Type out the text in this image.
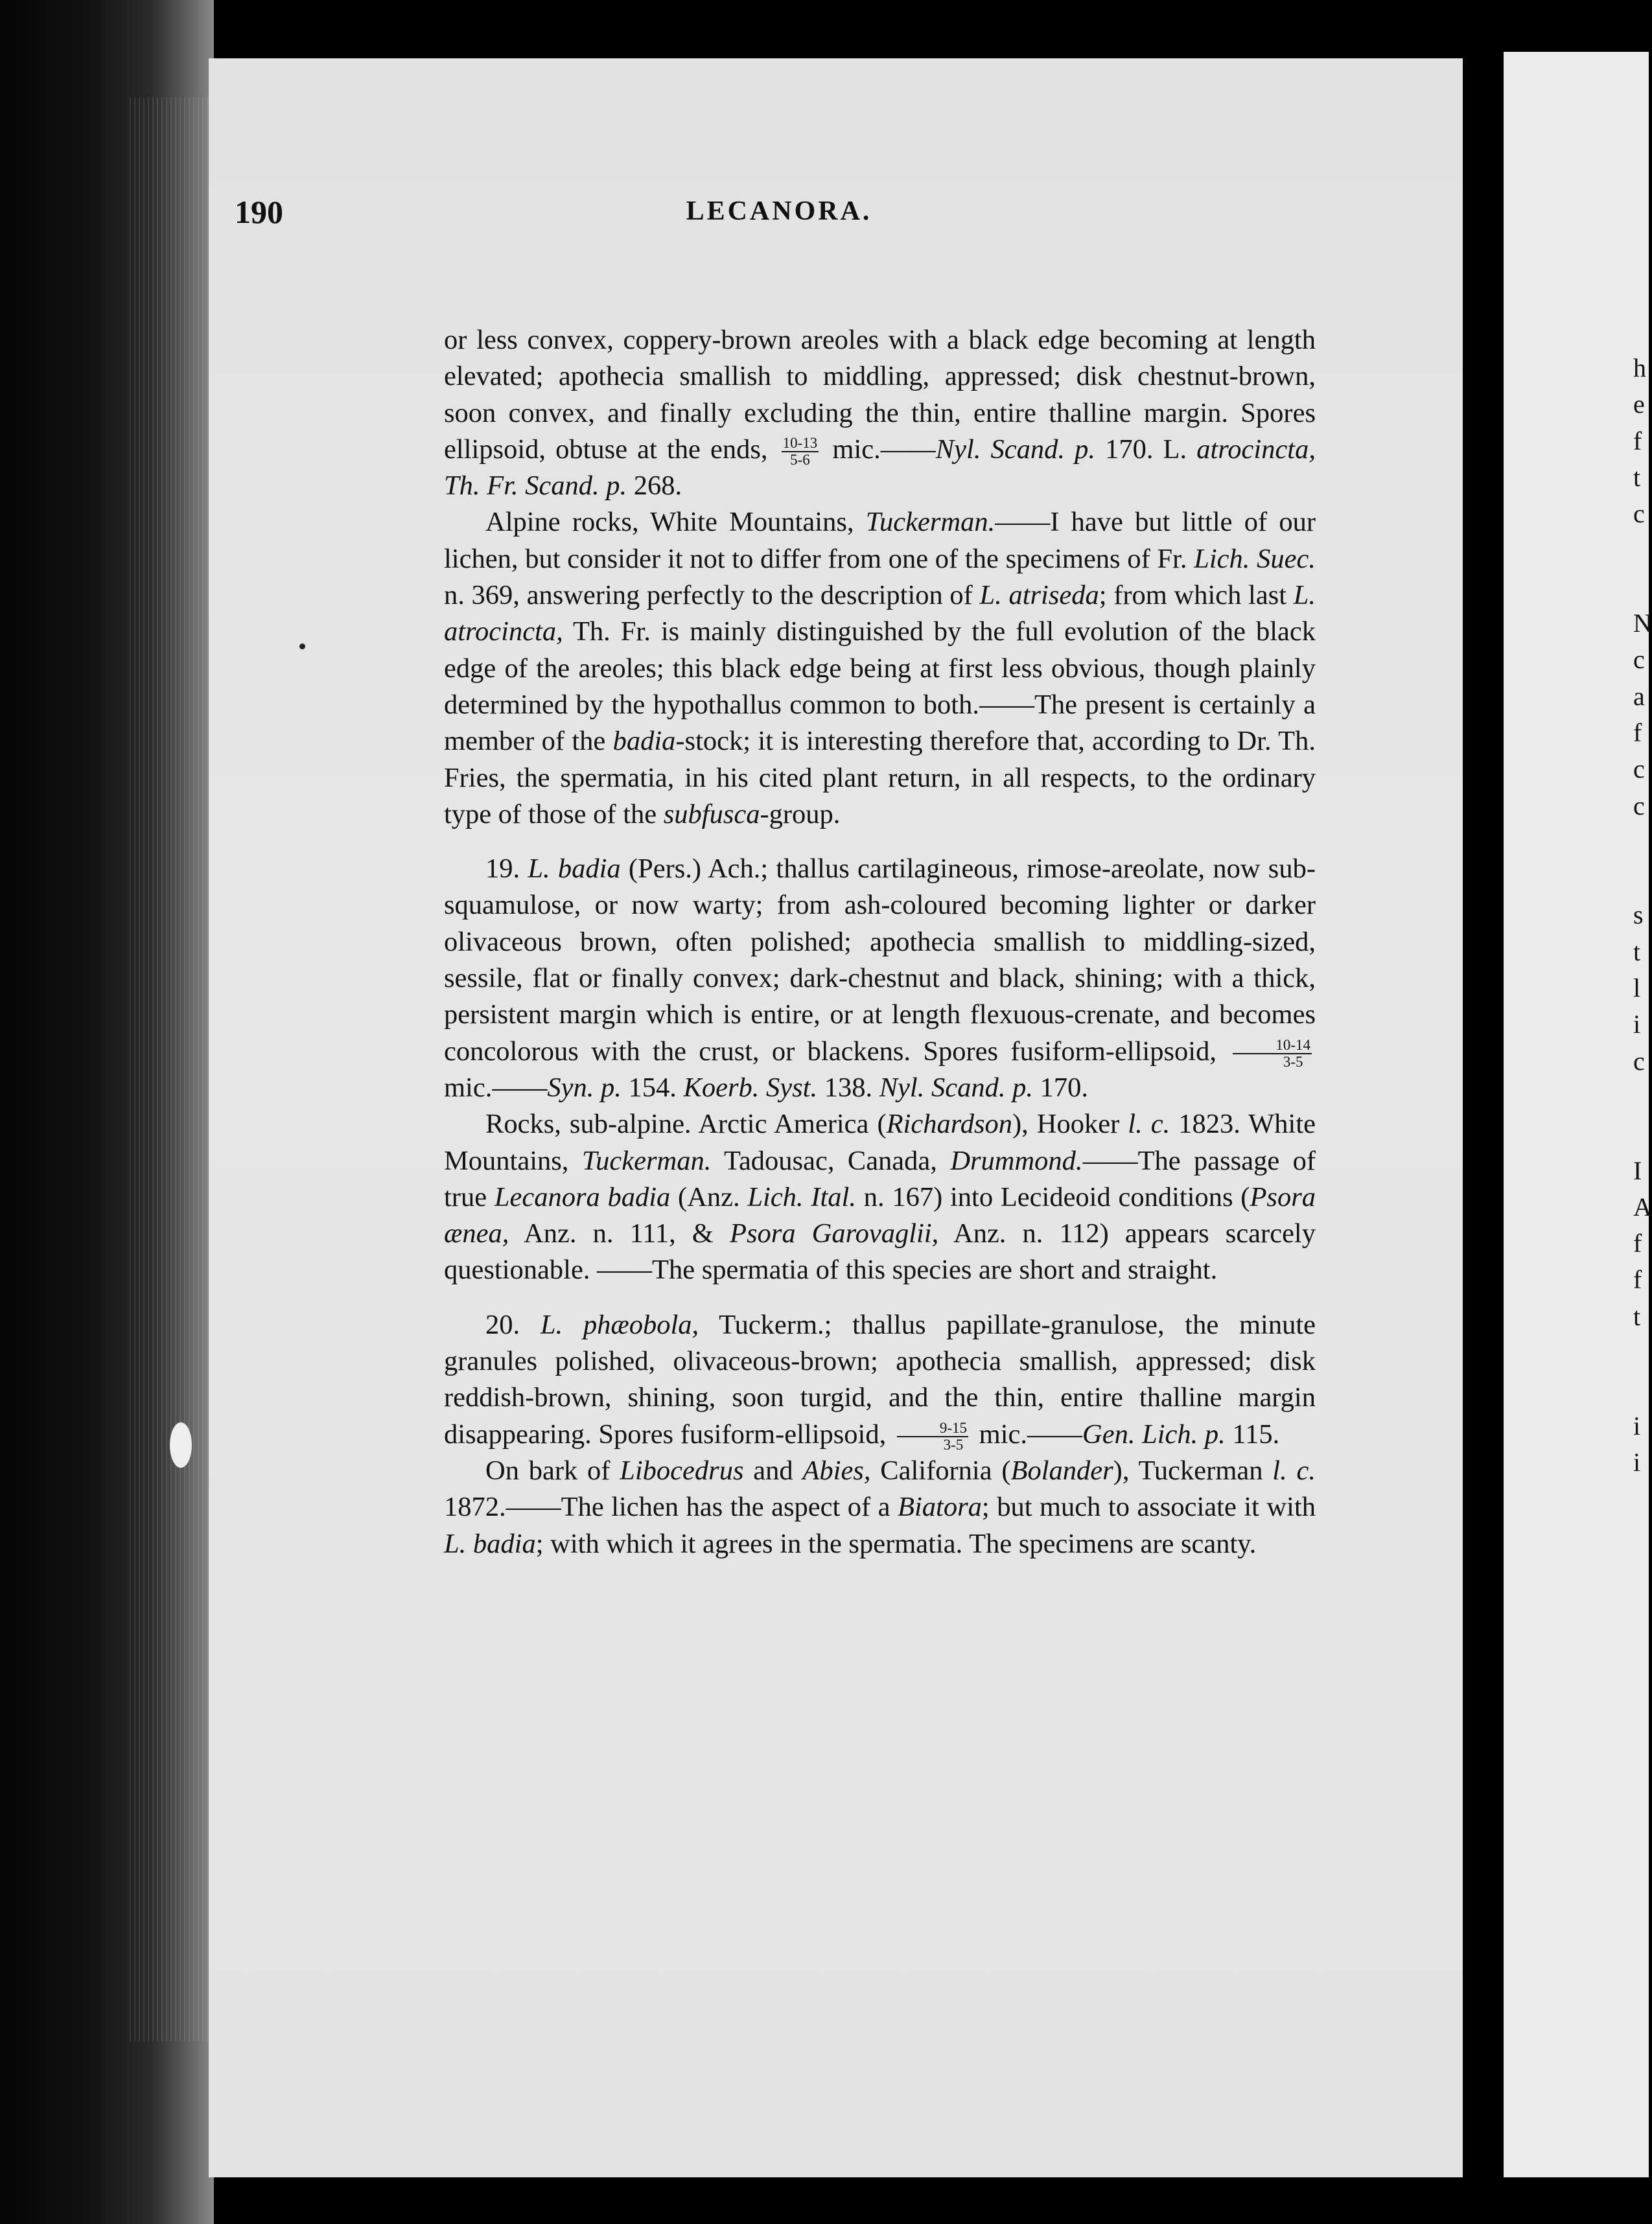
190	LECANORA.

or less convex, coppery-brown areoles with a black edge becoming at length elevated; apothecia smallish to middling, appressed; disk chestnut-brown, soon convex, and finally excluding the thin, entire thalline margin. Spores ellipsoid, obtuse at the ends, $\frac{10-13}{5-6}$ mic.——Nyl. Scand. p. 170. L. atrocincta, Th. Fr. Scand. p. 268.

Alpine rocks, White Mountains, Tuckerman.——I have but little of our lichen, but consider it not to differ from one of the specimens of Fr. Lich. Suec. n. 369, answering perfectly to the description of L. atriseda; from which last L. atrocincta, Th. Fr. is mainly distinguished by the full evolution of the black edge of the areoles; this black edge being at first less obvious, though plainly determined by the hypothallus common to both.——The present is certainly a member of the badia-stock; it is interesting therefore that, according to Dr. Th. Fries, the spermatia, in his cited plant return, in all respects, to the ordinary type of those of the subfusca-group.

19. L. badia (Pers.) Ach.; thallus cartilagineous, rimose-areolate, now sub-squamulose, or now warty; from ash-coloured becoming lighter or darker olivaceous brown, often polished; apothecia smallish to middling-sized, sessile, flat or finally convex; dark-chestnut and black, shining; with a thick, persistent margin which is entire, or at length flexuous-crenate, and becomes concolorous with the crust, or blackens. Spores fusiform-ellipsoid, $\frac{10-14}{3-5}$
mic.——Syn. p. 154. Koerb. Syst. 138. Nyl. Scand. p. 170.

Rocks, sub-alpine. Arctic America (Richardson), Hooker l. c. 1823. White Mountains, Tuckerman. Tadousac, Canada, Drummond.——The passage of true Lecanora badia (Anz. Lich. Ital. n. 167) into Lecideoid conditions (Psora ænea, Anz. n. 111, & Psora Garovaglii, Anz. n. 112) appears scarcely questionable. ——The spermatia of this species are short and straight.

20. L. phæobola, Tuckerm.; thallus papillate-granulose, the minute granules polished, olivaceous-brown; apothecia smallish, appressed; disk reddish-brown, shining, soon turgid, and the thin, entire thalline margin disappearing. Spores fusiform-ellipsoid, $\frac{9-15}{3-5}$ mic.——Gen. Lich. p. 115.

On bark of Libocedrus and Abies, California (Bolander), Tuckerman l. c. 1872.——The lichen has the aspect of a Biatora; but much to associate it with L. badia; with which it agrees in the spermatia. The specimens are scanty.

h
e
f
t
c
N
c
a
f
c
c
s
t
l
i
c
I
A
f
f
t
i
i
